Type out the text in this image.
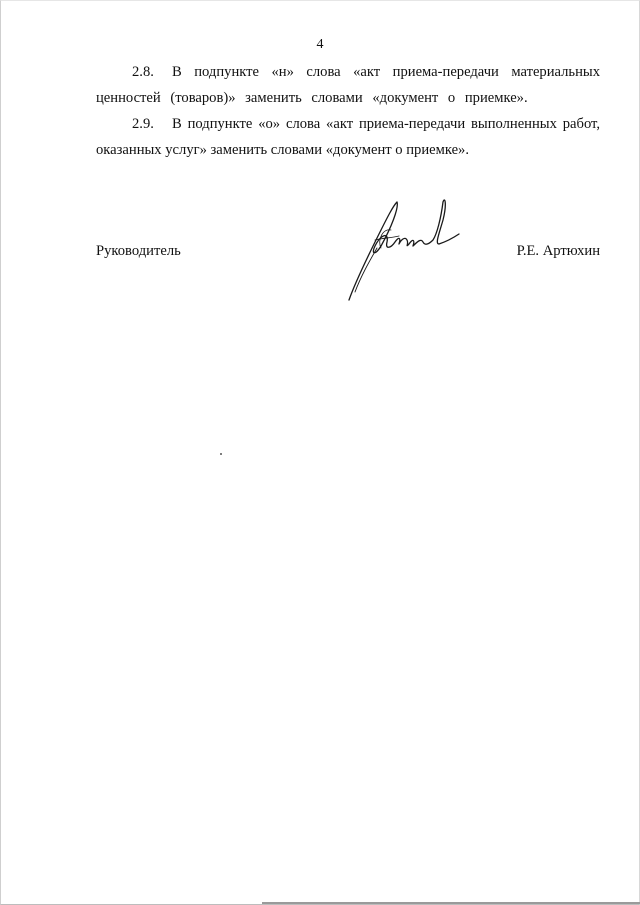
4
2.8. В подпункте «н» слова «акт приема-передачи материальных ценностей (товаров)» заменить словами «документ о приемке».
2.9. В подпункте «о» слова «акт приема-передачи выполненных работ, оказанных услуг» заменить словами «документ о приемке».
Руководитель	Р.Е. Артюхин
